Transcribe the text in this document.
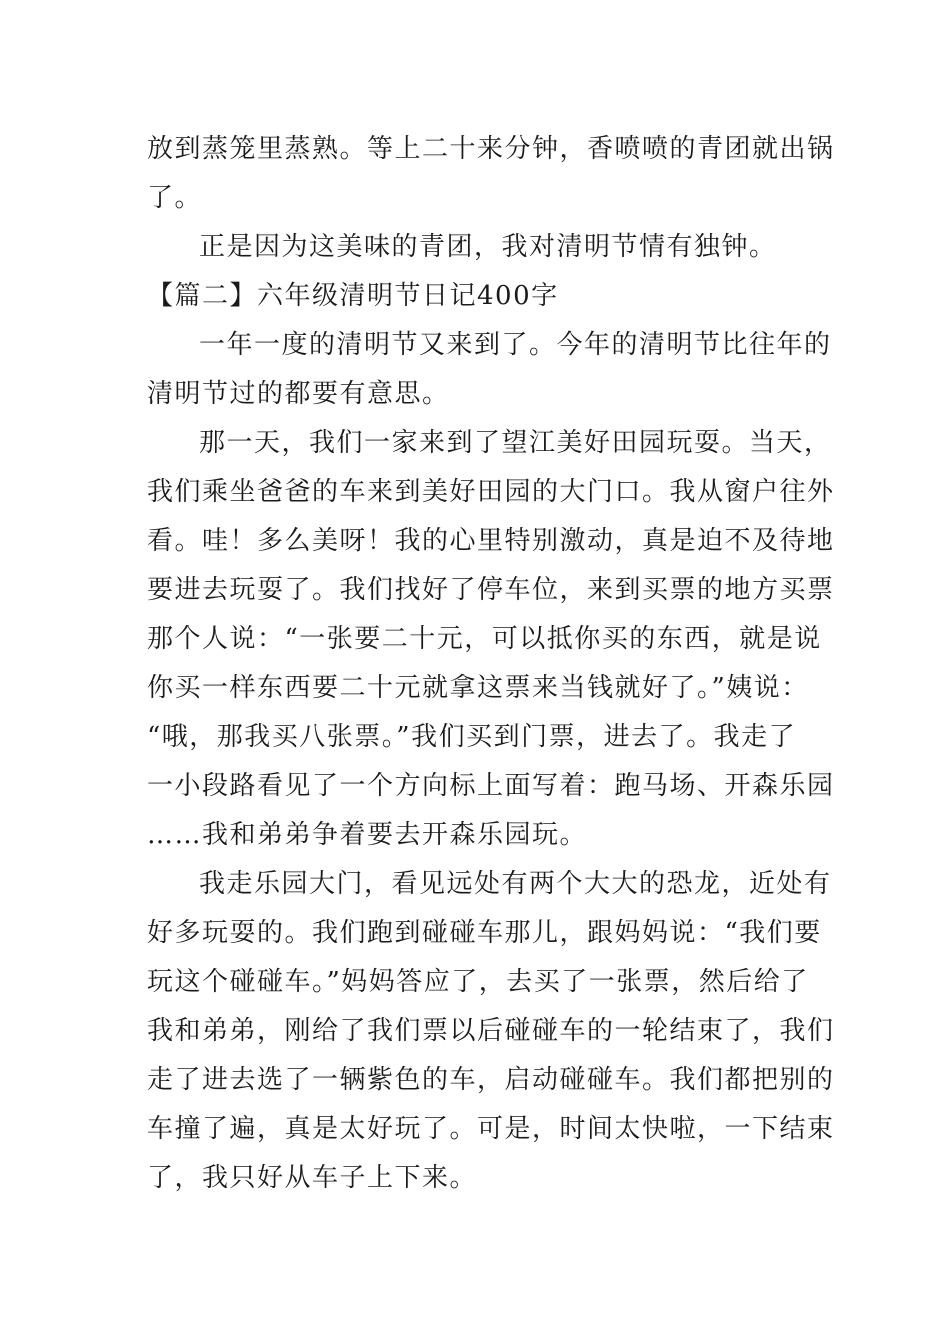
放到蒸笼里蒸熟。等上二十来分钟，香喷喷的青团就出锅
了。
正是因为这美味的青团，我对清明节情有独钟。
【篇二】六年级清明节日记400字
一年一度的清明节又来到了。今年的清明节比往年的
清明节过的都要有意思。
那一天，我们一家来到了望江美好田园玩耍。当天，
我们乘坐爸爸的车来到美好田园的大门口。我从窗户往外
看。哇！多么美呀！我的心里特别激动，真是迫不及待地
要进去玩耍了。我们找好了停车位，来到买票的地方买票
那个人说：“一张要二十元，可以抵你买的东西，就是说
你买一样东西要二十元就拿这票来当钱就好了。”姨说：
“哦，那我买八张票。”我们买到门票，进去了。我走了
一小段路看见了一个方向标上面写着：跑马场、开森乐园
……我和弟弟争着要去开森乐园玩。
我走乐园大门，看见远处有两个大大的恐龙，近处有
好多玩耍的。我们跑到碰碰车那儿，跟妈妈说：“我们要
玩这个碰碰车。”妈妈答应了，去买了一张票，然后给了
我和弟弟，刚给了我们票以后碰碰车的一轮结束了，我们
走了进去选了一辆紫色的车，启动碰碰车。我们都把别的
车撞了遍，真是太好玩了。可是，时间太快啦，一下结束
了，我只好从车子上下来。
